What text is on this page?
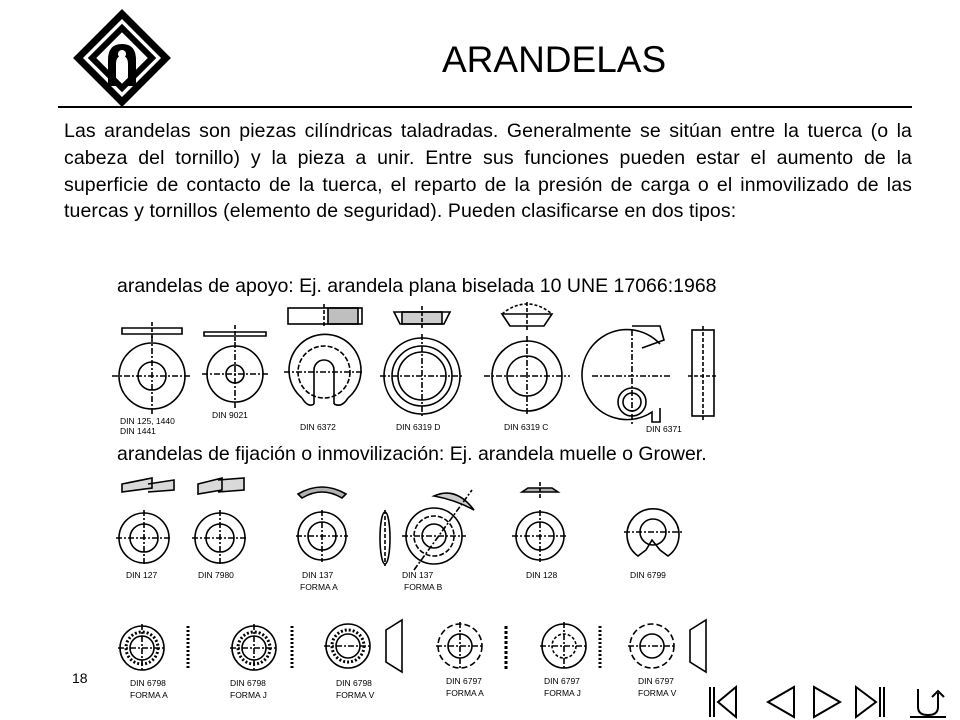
ARANDELAS
Las arandelas son piezas cilíndricas taladradas. Generalmente se sitúan entre la tuerca (o la cabeza del tornillo) y la pieza a unir. Entre sus funciones pueden estar el aumento de la superficie de contacto de la tuerca, el reparto de la presión de carga o el inmovilizado de las tuercas y tornillos (elemento de seguridad). Pueden clasificarse en dos tipos:
arandelas de apoyo: Ej. arandela plana biselada 10 UNE 17066:1968
DIN 125, 1440
DIN 1441
DIN 9021
DIN 6372	DIN 6319 D	DIN 6319 C	DIN 6371
arandelas de fijación o inmovilización: Ej. arandela muelle o Grower.
DIN 127	DIN 7980	DIN 137
FORMA A
DIN 137
FORMA B
DIN 128	DIN 6799
DIN 6798
FORMA A
DIN 6798
FORMA J
DIN 6798
FORMA V
DIN 6797
FORMA A
DIN 6797
FORMA J
DIN 6797
FORMA V
18
